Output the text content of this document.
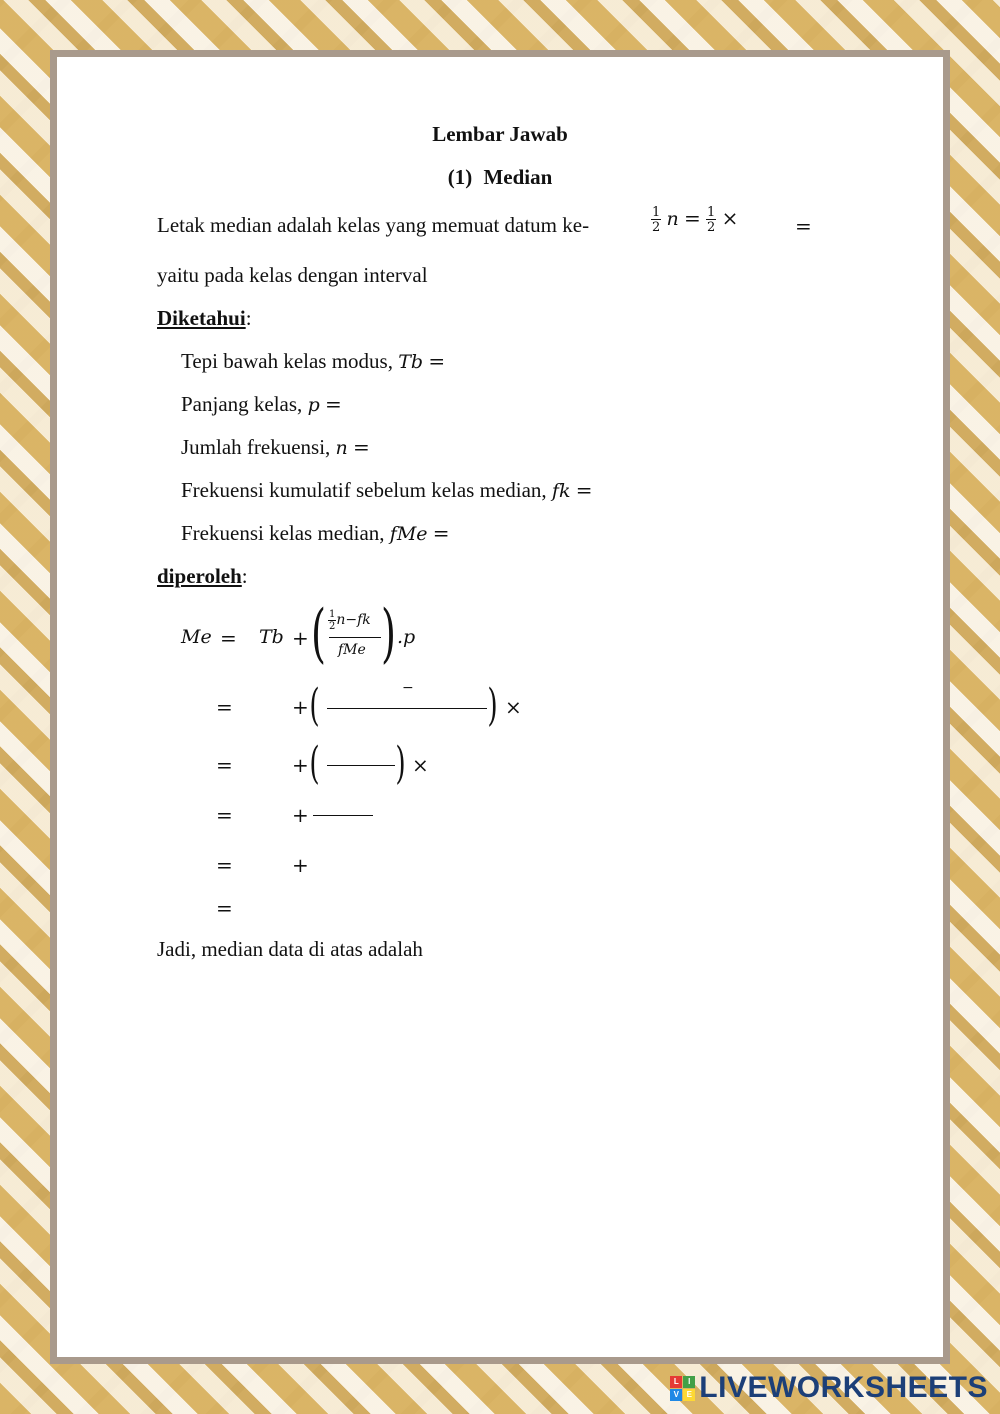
Lembar Jawab
(1) Median
Letak median adalah kelas yang memuat datum ke-	$\frac{1}{2}$ $n = \frac{1}{2}$ ×	=
yaitu pada kelas dengan interval
Diketahui:
Tepi bawah kelas modus, Tb =
Panjang kelas, p =
Jumlah frekuensi, n =
Frekuensi kumulatif sebelum kelas median, fk =
Frekuensi kelas median, fMe =
diperoleh:
Me = Tb + ( $\frac{1}{2} n-fk$
fMe ) .p
=	+ (	− ) ×
=	+ ( ) ×
=	+
=	+
=
Jadi, median data di atas adalah
L	I
V E LIVEWORKSHEETS
